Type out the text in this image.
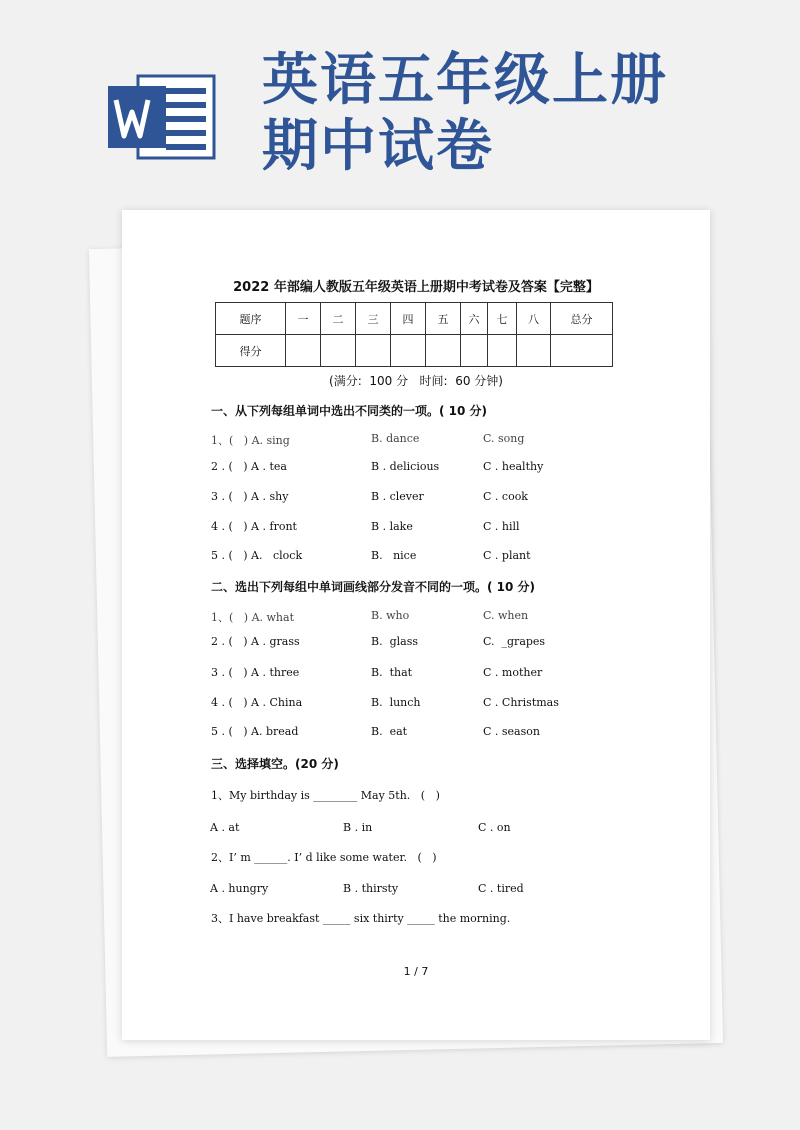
英语五年级上册
期中试卷

2022 年部编人教版五年级英语上册期中考试卷及答案【完整】

题序	一	二	三	四	五	六	七	八	总分
得分									
(满分:  100 分   时间:  60 分钟)

一、从下列每组单词中选出不同类的一项。( 10 分)

1、(   ) A. sing	B. dance	C. song
2 . (   ) A . tea	B . delicious	C . healthy
3 . (   ) A . shy	B . clever	C . cook
4 . (   ) A . front	B . lake	C . hill
5 . (   ) A.   clock	B.   nice	C . plant

二、选出下列每组中单词画线部分发音不同的一项。( 10 分)

1、(   ) A. what	B. who	C. when
2 . (   ) A . grass	B.  glass	C.  _grapes
3 . (   ) A . three	B.  that	C . mother
4 . (   ) A . China	B.  lunch	C . Christmas
5 . (   ) A. bread	B.  eat	C . season

三、选择填空。(20 分)

1、My birthday is ________ May 5th.   (   )
A . at	B . in	C . on
2、I’ m ______. I’ d like some water.   (   )
A . hungry	B . thirsty	C . tired
3、I have breakfast _____ six thirty _____ the morning.
1 / 7
